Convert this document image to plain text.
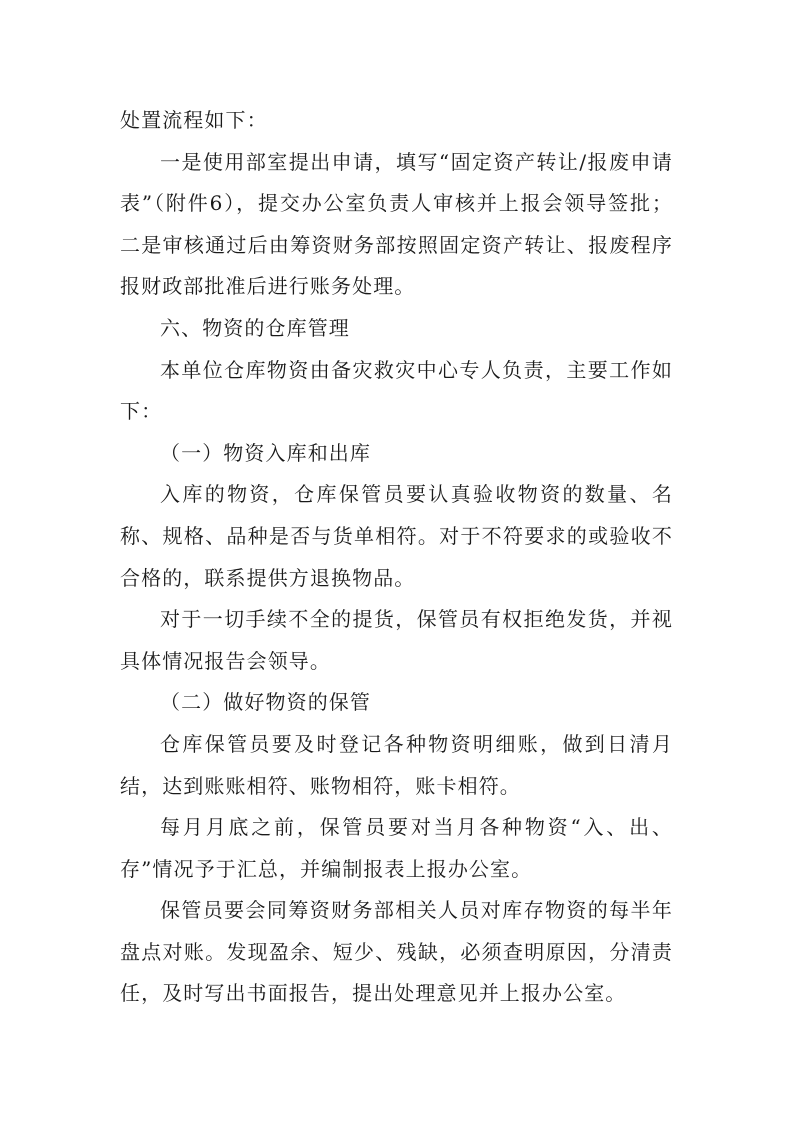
处置流程如下：

一是使用部室提出申请，填写“固定资产转让/报废申请表”（附件6），提交办公室负责人审核并上报会领导签批；二是审核通过后由筹资财务部按照固定资产转让、报废程序报财政部批准后进行账务处理。

六、物资的仓库管理

本单位仓库物资由备灾救灾中心专人负责，主要工作如下：

（一）物资入库和出库

入库的物资，仓库保管员要认真验收物资的数量、名称、规格、品种是否与货单相符。对于不符要求的或验收不合格的，联系提供方退换物品。

对于一切手续不全的提货，保管员有权拒绝发货，并视具体情况报告会领导。

（二）做好物资的保管

仓库保管员要及时登记各种物资明细账，做到日清月结，达到账账相符、账物相符，账卡相符。

每月月底之前，保管员要对当月各种物资“入、出、存”情况予于汇总，并编制报表上报办公室。

保管员要会同筹资财务部相关人员对库存物资的每半年盘点对账。发现盈余、短少、残缺，必须查明原因，分清责任，及时写出书面报告，提出处理意见并上报办公室。
